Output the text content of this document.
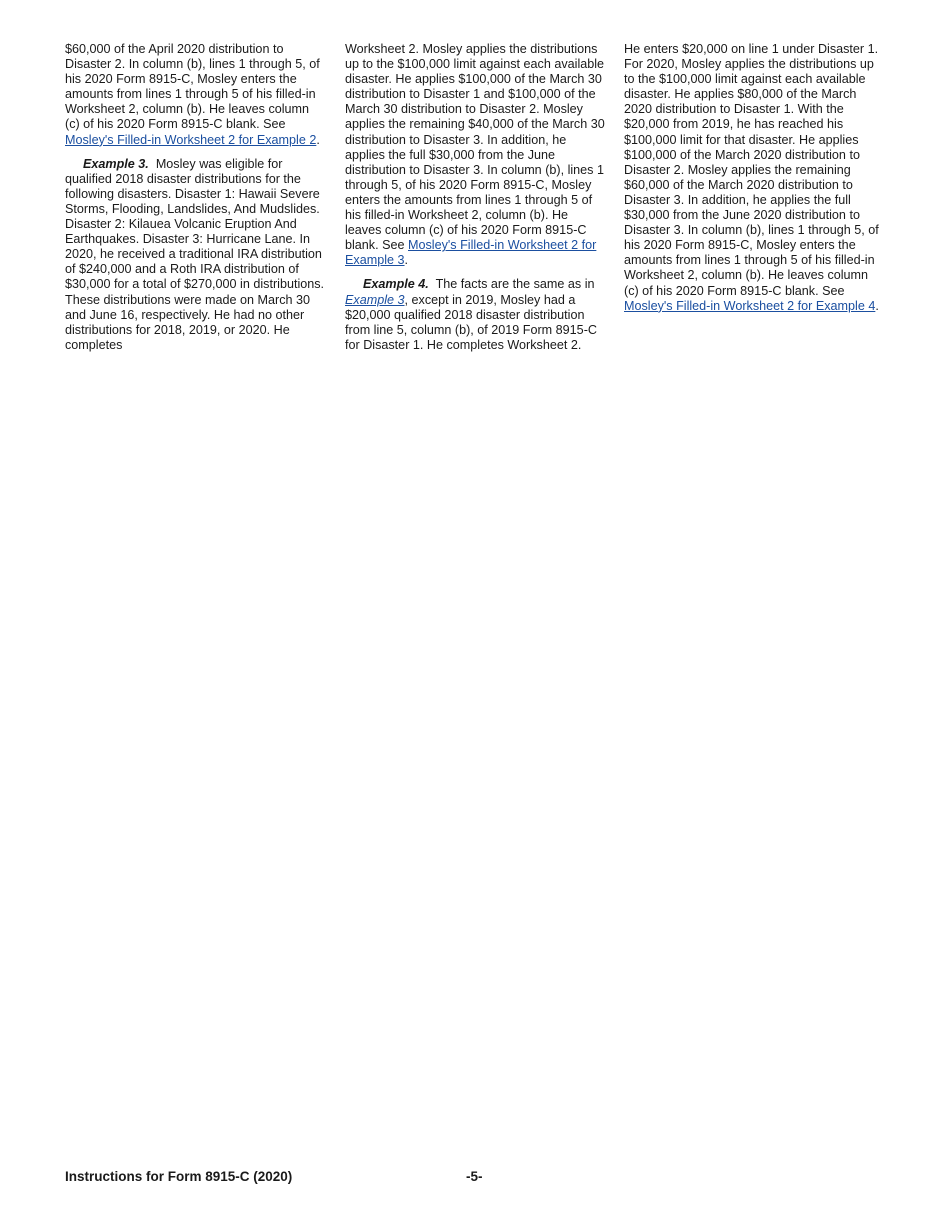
$60,000 of the April 2020 distribution to Disaster 2. In column (b), lines 1 through 5, of his 2020 Form 8915-C, Mosley enters the amounts from lines 1 through 5 of his filled-in Worksheet 2, column (b). He leaves column (c) of his 2020 Form 8915-C blank. See Mosley's Filled-in Worksheet 2 for Example 2.

Example 3. Mosley was eligible for qualified 2018 disaster distributions for the following disasters. Disaster 1: Hawaii Severe Storms, Flooding, Landslides, And Mudslides. Disaster 2: Kilauea Volcanic Eruption And Earthquakes. Disaster 3: Hurricane Lane. In 2020, he received a traditional IRA distribution of $240,000 and a Roth IRA distribution of $30,000 for a total of $270,000 in distributions. These distributions were made on March 30 and June 16, respectively. He had no other distributions for 2018, 2019, or 2020. He completes

Worksheet 2. Mosley applies the distributions up to the $100,000 limit against each available disaster. He applies $100,000 of the March 30 distribution to Disaster 1 and $100,000 of the March 30 distribution to Disaster 2. Mosley applies the remaining $40,000 of the March 30 distribution to Disaster 3. In addition, he applies the full $30,000 from the June distribution to Disaster 3. In column (b), lines 1 through 5, of his 2020 Form 8915-C, Mosley enters the amounts from lines 1 through 5 of his filled-in Worksheet 2, column (b). He leaves column (c) of his 2020 Form 8915-C blank. See Mosley's Filled-in Worksheet 2 for Example 3.

Example 4. The facts are the same as in Example 3, except in 2019, Mosley had a $20,000 qualified 2018 disaster distribution from line 5, column (b), of 2019 Form 8915-C for Disaster 1. He completes Worksheet 2.

He enters $20,000 on line 1 under Disaster 1. For 2020, Mosley applies the distributions up to the $100,000 limit against each available disaster. He applies $80,000 of the March 2020 distribution to Disaster 1. With the $20,000 from 2019, he has reached his $100,000 limit for that disaster. He applies $100,000 of the March 2020 distribution to Disaster 2. Mosley applies the remaining $60,000 of the March 2020 distribution to Disaster 3. In addition, he applies the full $30,000 from the June 2020 distribution to Disaster 3. In column (b), lines 1 through 5, of his 2020 Form 8915-C, Mosley enters the amounts from lines 1 through 5 of his filled-in Worksheet 2, column (b). He leaves column (c) of his 2020 Form 8915-C blank. See Mosley's Filled-in Worksheet 2 for Example 4.

Instructions for Form 8915-C (2020)	-5-
